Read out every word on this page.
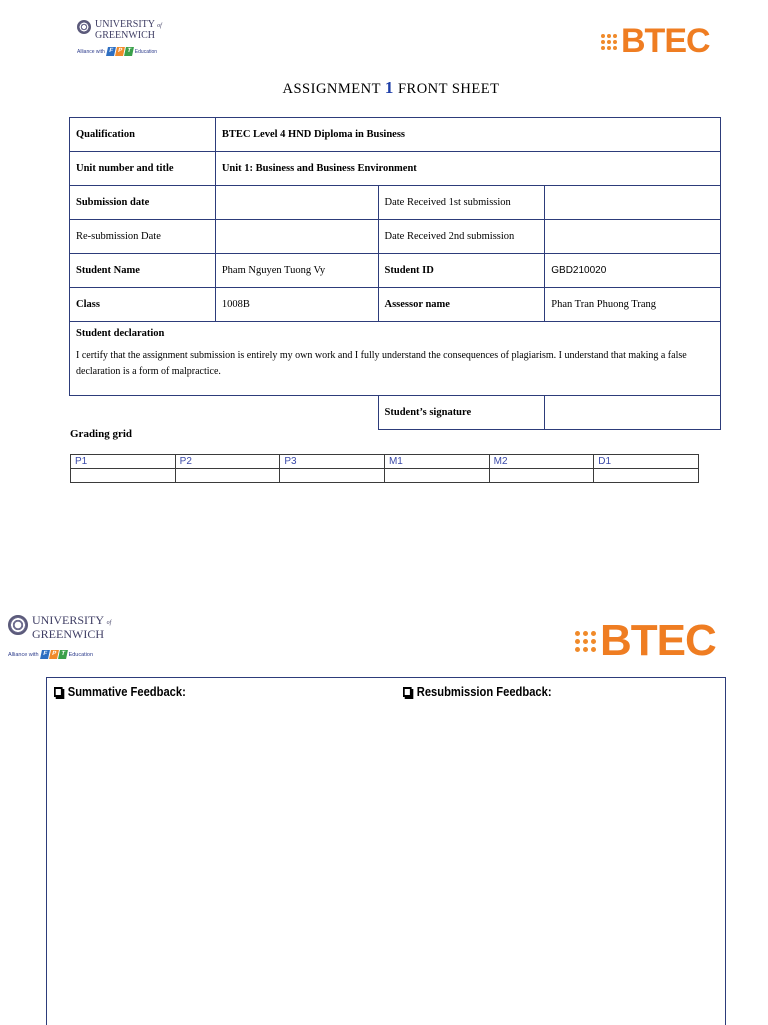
UNIVERSITY of
GREENWICH
Alliance with F P T Education	BTEC
ASSIGNMENT 1 FRONT SHEET
Qualification	BTEC Level 4 HND Diploma in Business		
Unit number and title	Unit 1: Business and Business Environment		
Submission date		Date Received 1st submission	
Re-submission Date		Date Received 2nd submission	
Student Name	Pham Nguyen Tuong Vy	Student ID	GBD210020
Class	1008B	Assessor name	Phan Tran Phuong Trang

Student declaration
I certify that the assignment submission is entirely my own work and I fully understand the consequences of plagiarism. I understand that making a false declaration is a form of malpractice.			

		Student’s signature	
Grading grid
P1	P2	P3	M1	M2	D1

UNIVERSITY of
GREENWICH
Alliance with F P T Education	BTEC
Summative Feedback:	Resubmission Feedback:
